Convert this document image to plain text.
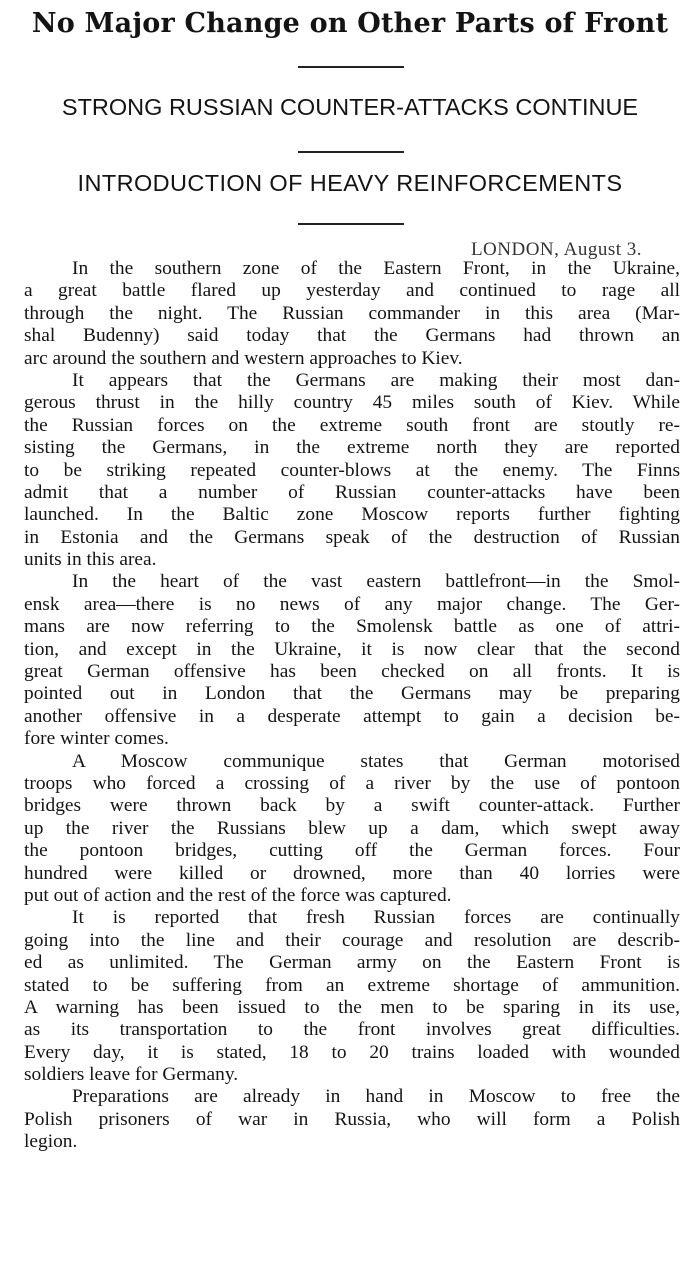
No Major Change on Other Parts of Front
STRONG RUSSIAN COUNTER-ATTACKS CONTINUE
INTRODUCTION OF HEAVY REINFORCEMENTS
LONDON, August 3.
In the southern zone of the Eastern Front, in the Ukraine,
a great battle flared up yesterday and continued to rage all
through the night. The Russian commander in this area (Mar-
shal Budenny) said today that the Germans had thrown an
arc around the southern and western approaches to Kiev.
It appears that the Germans are making their most dan-
gerous thrust in the hilly country 45 miles south of Kiev. While
the Russian forces on the extreme south front are stoutly re-
sisting the Germans, in the extreme north they are reported
to be striking repeated counter-blows at the enemy. The Finns
admit that a number of Russian counter-attacks have been
launched. In the Baltic zone Moscow reports further fighting
in Estonia and the Germans speak of the destruction of Russian
units in this area.
In the heart of the vast eastern battlefront—in the Smol-
ensk area—there is no news of any major change. The Ger-
mans are now referring to the Smolensk battle as one of attri-
tion, and except in the Ukraine, it is now clear that the second
great German offensive has been checked on all fronts. It is
pointed out in London that the Germans may be preparing
another offensive in a desperate attempt to gain a decision be-
fore winter comes.
A Moscow communique states that German motorised
troops who forced a crossing of a river by the use of pontoon
bridges were thrown back by a swift counter-attack. Further
up the river the Russians blew up a dam, which swept away
the pontoon bridges, cutting off the German forces. Four
hundred were killed or drowned, more than 40 lorries were
put out of action and the rest of the force was captured.
It is reported that fresh Russian forces are continually
going into the line and their courage and resolution are describ-
ed as unlimited. The German army on the Eastern Front is
stated to be suffering from an extreme shortage of ammunition.
A warning has been issued to the men to be sparing in its use,
as its transportation to the front involves great difficulties.
Every day, it is stated, 18 to 20 trains loaded with wounded
soldiers leave for Germany.
Preparations are already in hand in Moscow to free the
Polish prisoners of war in Russia, who will form a Polish
legion.
